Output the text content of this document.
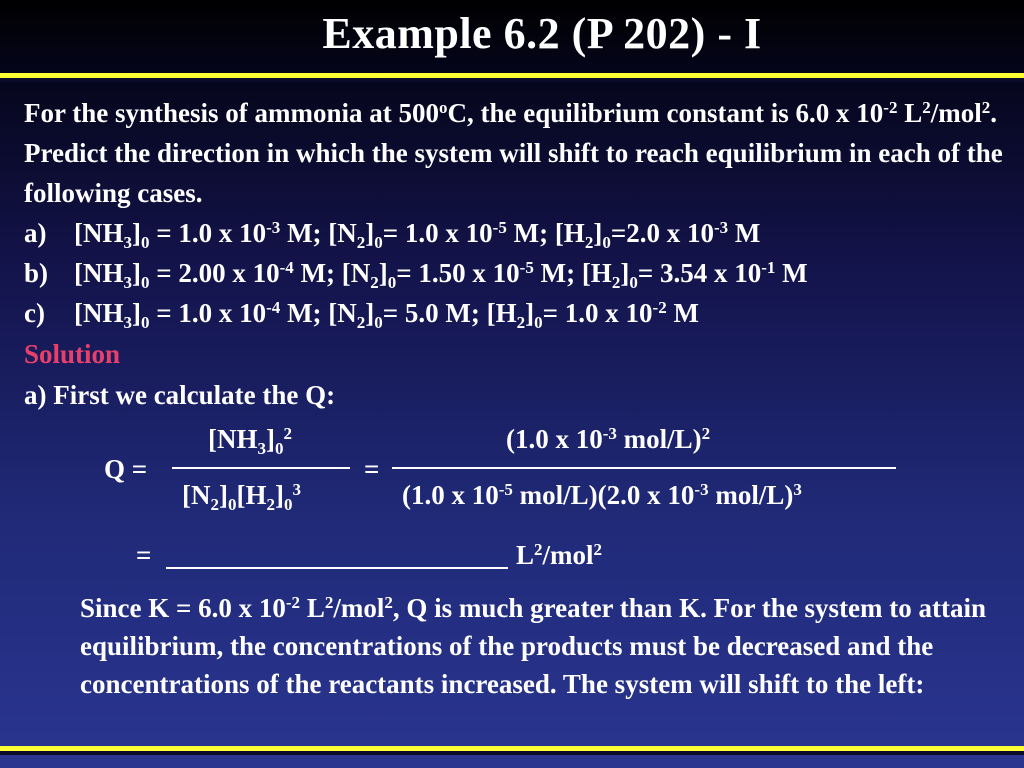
Example 6.2 (P 202) - I
For the synthesis of ammonia at 500$^o$C, the equilibrium constant is 6.0 x $10^{-2}$ $L^2/mol^2$. Predict the direction in which the system will shift to reach equilibrium in each of the following cases.
a) $[NH_3]_0 = 1.0$ x $10^{-3}$ M; $[N_2]_0= 1.0$ x $10^{-5}$ M; $[H_2]_0=2.0$ x $10^{-3}$ M
b) $[NH_3]_0 = 2.00$ x $10^{-4}$ M; $[N_2]_0= 1.50$ x $10^{-5}$ M; $[H_2]_0= 3.54$ x $10^{-1}$ M
c) $[NH_3]_0 = 1.0$ x $10^{-4}$ M; $[N_2]_0= 5.0$ M; $[H_2]_0= 1.0$ x $10^{-2}$ M
Solution
a) First we calculate the Q:
Q =
$[NH_3]_0^2$
$[N_2]_0[H_2]_0^3$
=
(1.0 x $10^{-3}$ mol/L)$^2$
(1.0 x $10^{-5}$ mol/L)(2.0 x $10^{-3}$ mol/L)$^3$
=	$L^2/mol^2$
Since K = 6.0 x $10^{-2}$ $L^2/mol^2$, Q is much greater than K. For the system to attain equilibrium, the concentrations of the products must be decreased and the concentrations of the reactants increased. The system will shift to the left:
